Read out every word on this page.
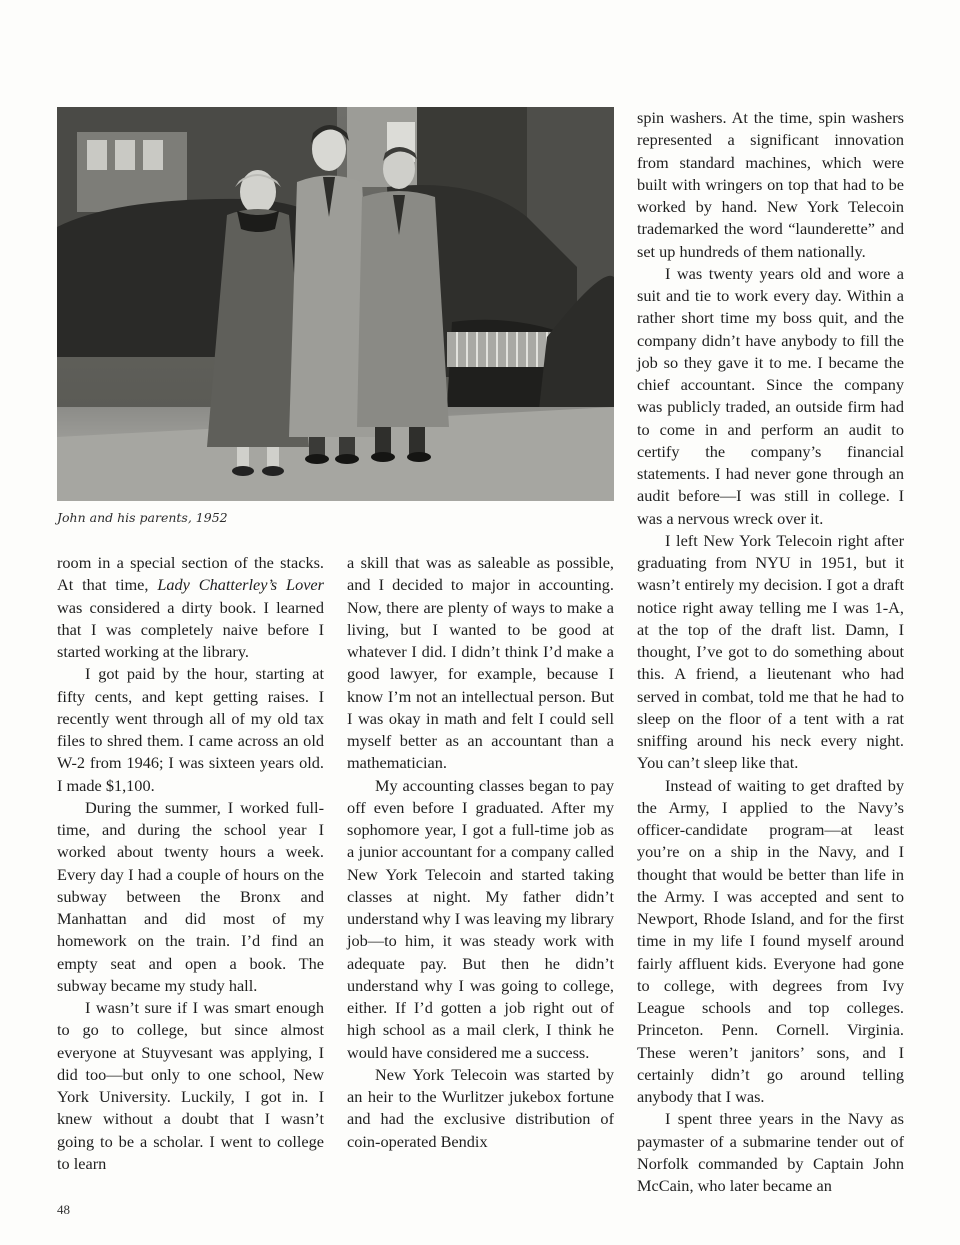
John and his parents, 1952

room in a special section of the stacks. At that time, Lady Chatterley’s Lover was considered a dirty book. I learned that I was completely naive before I started working at the library.

I got paid by the hour, starting at fifty cents, and kept getting raises. I recently went through all of my old tax files to shred them. I came across an old W-2 from 1946; I was sixteen years old. I made $1,100.

During the summer, I worked full-time, and during the school year I worked about twenty hours a week. Every day I had a couple of hours on the subway between the Bronx and Manhattan and did most of my homework on the train. I’d find an empty seat and open a book. The subway became my study hall.

I wasn’t sure if I was smart enough to go to college, but since almost everyone at Stuyvesant was applying, I did too—but only to one school, New York University. Luckily, I got in. I knew without a doubt that I wasn’t going to be a scholar. I went to college to learn

a skill that was as saleable as possible, and I decided to major in accounting. Now, there are plenty of ways to make a living, but I wanted to be good at whatever I did. I didn’t think I’d make a good lawyer, for example, because I know I’m not an intellectual person. But I was okay in math and felt I could sell myself better as an accountant than a mathematician.

My accounting classes began to pay off even before I graduated. After my sophomore year, I got a full-time job as a junior accountant for a company called New York Telecoin and started taking classes at night. My father didn’t understand why I was leaving my library job—to him, it was steady work with adequate pay. But then he didn’t understand why I was going to college, either. If I’d gotten a job right out of high school as a mail clerk, I think he would have considered me a success.

New York Telecoin was started by an heir to the Wurlitzer jukebox fortune and had the exclusive distribution of coin-operated Bendix

spin washers. At the time, spin washers represented a significant innovation from standard machines, which were built with wringers on top that had to be worked by hand. New York Telecoin trademarked the word “launderette” and set up hundreds of them nationally.

I was twenty years old and wore a suit and tie to work every day. Within a rather short time my boss quit, and the company didn’t have anybody to fill the job so they gave it to me. I became the chief accountant. Since the company was publicly traded, an outside firm had to come in and perform an audit to certify the company’s financial statements. I had never gone through an audit before—I was still in college. I was a nervous wreck over it.

I left New York Telecoin right after graduating from NYU in 1951, but it wasn’t entirely my decision. I got a draft notice right away telling me I was 1-A, at the top of the draft list. Damn, I thought, I’ve got to do something about this. A friend, a lieutenant who had served in combat, told me that he had to sleep on the floor of a tent with a rat sniffing around his neck every night. You can’t sleep like that.

Instead of waiting to get drafted by the Army, I applied to the Navy’s officer-candidate program—at least you’re on a ship in the Navy, and I thought that would be better than life in the Army. I was accepted and sent to Newport, Rhode Island, and for the first time in my life I found myself around fairly affluent kids. Everyone had gone to college, with degrees from Ivy League schools and top colleges. Princeton. Penn. Cornell. Virginia. These weren’t janitors’ sons, and I certainly didn’t go around telling anybody that I was.

I spent three years in the Navy as paymaster of a submarine tender out of Norfolk commanded by Captain John McCain, who later became an

48
